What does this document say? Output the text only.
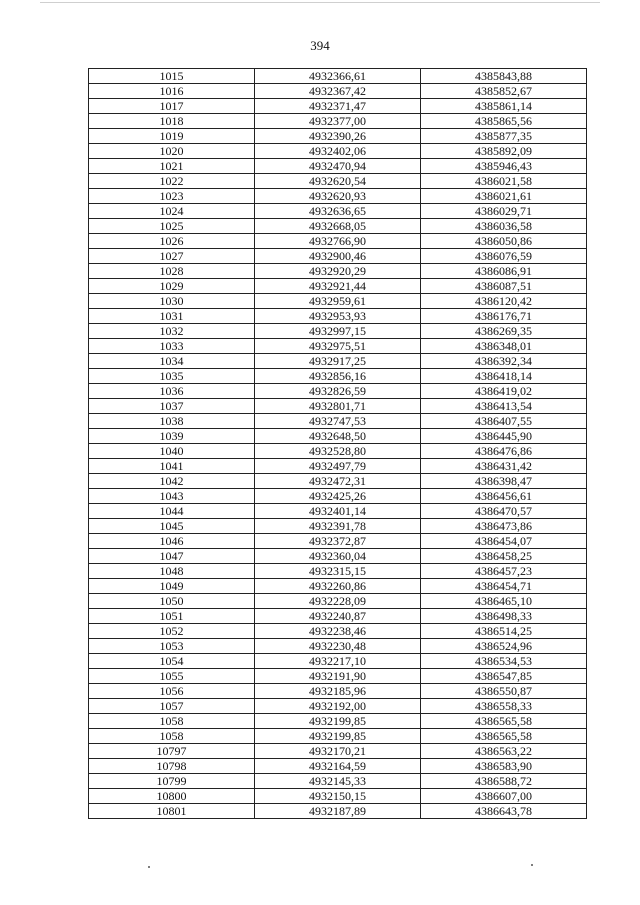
394
1015	4932366,61	4385843,88
1016	4932367,42	4385852,67
1017	4932371,47	4385861,14
1018	4932377,00	4385865,56
1019	4932390,26	4385877,35
1020	4932402,06	4385892,09
1021	4932470,94	4385946,43
1022	4932620,54	4386021,58
1023	4932620,93	4386021,61
1024	4932636,65	4386029,71
1025	4932668,05	4386036,58
1026	4932766,90	4386050,86
1027	4932900,46	4386076,59
1028	4932920,29	4386086,91
1029	4932921,44	4386087,51
1030	4932959,61	4386120,42
1031	4932953,93	4386176,71
1032	4932997,15	4386269,35
1033	4932975,51	4386348,01
1034	4932917,25	4386392,34
1035	4932856,16	4386418,14
1036	4932826,59	4386419,02
1037	4932801,71	4386413,54
1038	4932747,53	4386407,55
1039	4932648,50	4386445,90
1040	4932528,80	4386476,86
1041	4932497,79	4386431,42
1042	4932472,31	4386398,47
1043	4932425,26	4386456,61
1044	4932401,14	4386470,57
1045	4932391,78	4386473,86
1046	4932372,87	4386454,07
1047	4932360,04	4386458,25
1048	4932315,15	4386457,23
1049	4932260,86	4386454,71
1050	4932228,09	4386465,10
1051	4932240,87	4386498,33
1052	4932238,46	4386514,25
1053	4932230,48	4386524,96
1054	4932217,10	4386534,53
1055	4932191,90	4386547,85
1056	4932185,96	4386550,87
1057	4932192,00	4386558,33
1058	4932199,85	4386565,58
1058	4932199,85	4386565,58
10797	4932170,21	4386563,22
10798	4932164,59	4386583,90
10799	4932145,33	4386588,72
10800	4932150,15	4386607,00
10801	4932187,89	4386643,78
